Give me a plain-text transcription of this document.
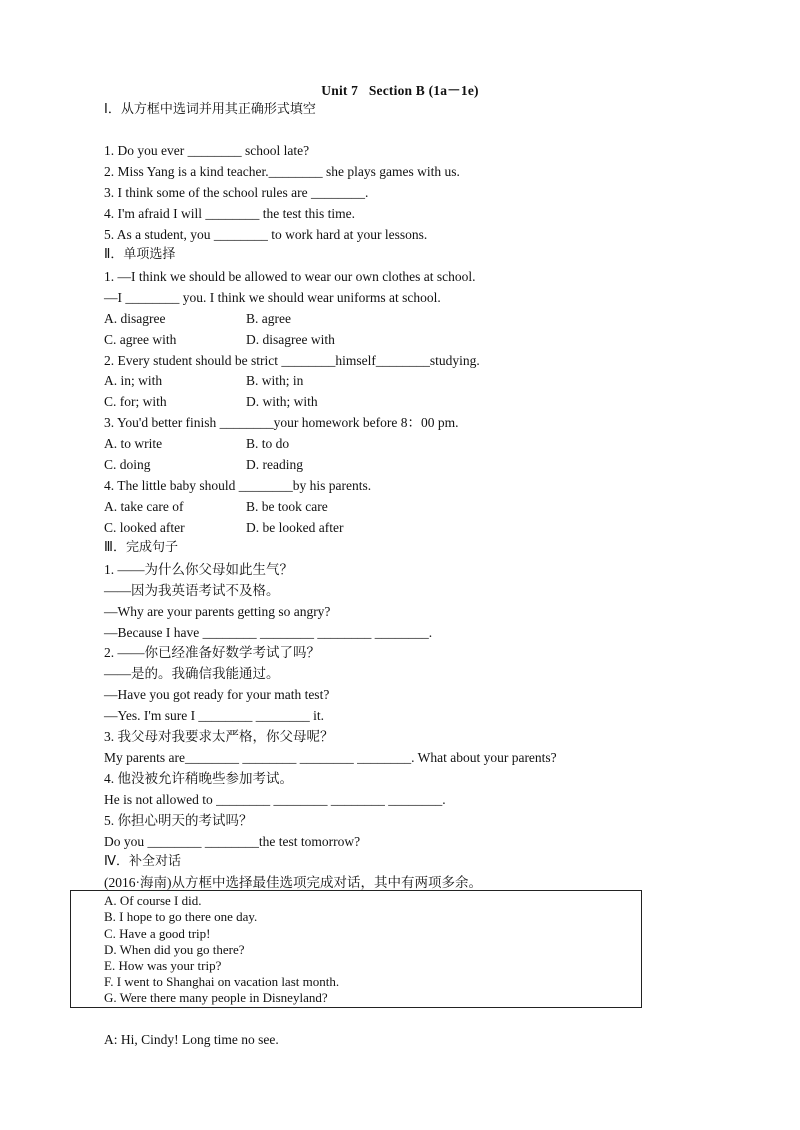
Unit 7   Section B (1a－1e)
Ⅰ．从方框中选词并用其正确形式填空
1. Do you ever ________ school late?
2. Miss Yang is a kind teacher.________ she plays games with us.
3. I think some of the school rules are ________.
4. I'm afraid I will ________ the test this time.
5. As a student, you ________ to work hard at your lessons.
Ⅱ．单项选择
1. —I think we should be allowed to wear our own clothes at school.
—I ________ you. I think we should wear uniforms at school.
A. disagree	B. agree
C. agree with	D. disagree with
2. Every student should be strict ________himself________studying.
A. in; with	B. with; in
C. for; with	D. with; with
3. You'd better finish ________your homework before 8：00 pm.
A. to write	B. to do
C. doing	D. reading
4. The little baby should ________by his parents.
A. take care of	B. be took care
C. looked after	D. be looked after
Ⅲ．完成句子
1. ——为什么你父母如此生气？
——因为我英语考试不及格。
—Why are your parents getting so angry?
—Because I have ________ ________ ________ ________.
2. ——你已经准备好数学考试了吗？
——是的。我确信我能通过。
—Have you got ready for your math test?
—Yes. I'm sure I ________ ________ it.
3. 我父母对我要求太严格，你父母呢？
My parents are________ ________ ________ ________. What about your parents?
4. 他没被允许稍晚些参加考试。
He is not allowed to ________ ________ ________ ________.
5. 你担心明天的考试吗？
Do you ________ ________the test tomorrow?
Ⅳ．补全对话
(2016·海南)从方框中选择最佳选项完成对话，其中有两项多余。
A. Of course I did.
B. I hope to go there one day.
C. Have a good trip!
D. When did you go there?
E. How was your trip?
F. I went to Shanghai on vacation last month.
G. Were there many people in Disneyland?
A: Hi, Cindy! Long time no see.
